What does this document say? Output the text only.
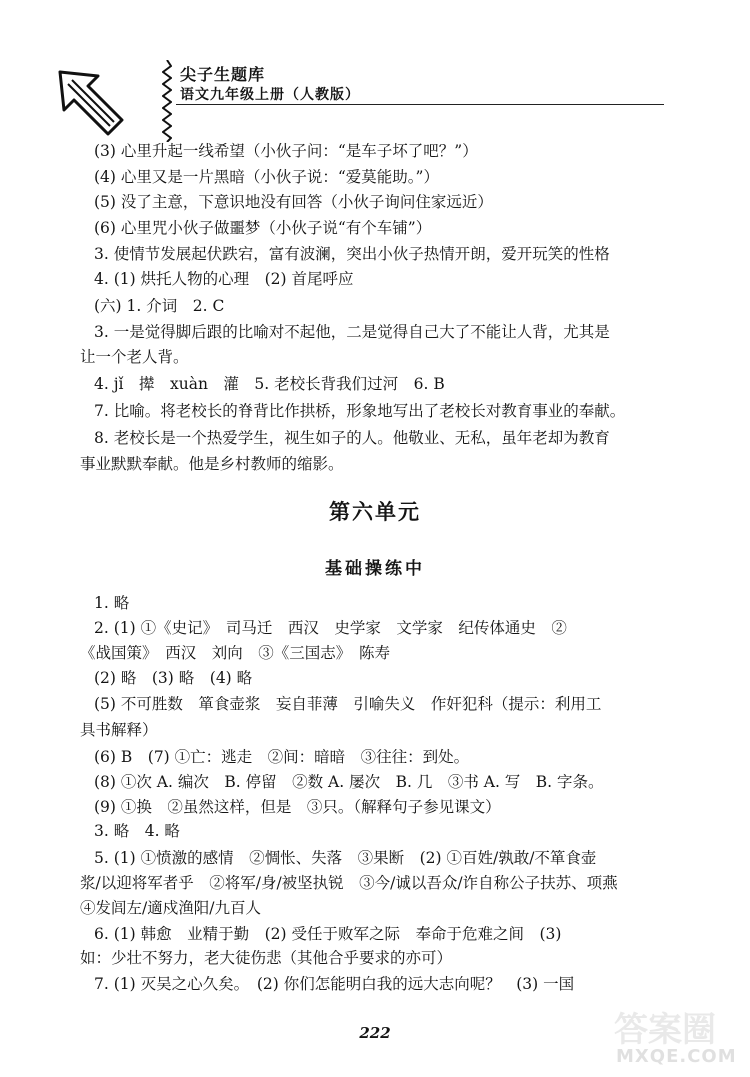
尖子生题库
语文九年级上册（人教版）
(3) 心里升起一线希望（小伙子问：“是车子坏了吧？”）
(4) 心里又是一片黑暗（小伙子说：“爱莫能助。”）
(5) 没了主意，下意识地没有回答（小伙子询问住家远近）
(6) 心里咒小伙子做噩梦（小伙子说“有个车铺”）
3. 使情节发展起伏跌宕，富有波澜，突出小伙子热情开朗，爱开玩笑的性格
4. (1) 烘托人物的心理　(2) 首尾呼应
(六) 1. 介词　2. C
3. 一是觉得脚后跟的比喻对不起他，二是觉得自己大了不能让人背，尤其是
让一个老人背。
4. jǐ　撵　xuàn　灌　5. 老校长背我们过河　6. B
7. 比喻。将老校长的脊背比作拱桥，形象地写出了老校长对教育事业的奉献。
8. 老校长是一个热爱学生，视生如子的人。他敬业、无私，虽年老却为教育
事业默默奉献。他是乡村教师的缩影。
第六单元
基础操练中
1. 略
2. (1) ①《史记》　司马迁　西汉　史学家　文学家　纪传体通史　②
《战国策》　西汉　刘向　③《三国志》　陈寿
(2) 略　(3) 略　(4) 略
(5) 不可胜数　箪食壶浆　妄自菲薄　引喻失义　作奸犯科（提示：利用工
具书解释）
(6) B　(7) ①亡：逃走　②间：暗暗　③往往：到处。
(8) ①次 A. 编次　B. 停留　②数 A. 屡次　B. 几　③书 A. 写　B. 字条。
(9) ①换　②虽然这样，但是　③只。（解释句子参见课文）
3. 略　4. 略
5. (1) ①愤激的感情　②惆怅、失落　③果断　(2) ①百姓/孰敢/不箪食壶
浆/以迎将军者乎　②将军/身/被坚执锐　③今/诚以吾众/诈自称公子扶苏、项燕
④发闾左/適戍渔阳/九百人
6. (1) 韩愈　业精于勤　(2) 受任于败军之际　奉命于危难之间　(3)
如：少壮不努力，老大徒伤悲（其他合乎要求的亦可）
7. (1) 灭吴之心久矣。　(2) 你们怎能明白我的远大志向呢？　(3) 一国
222	答案圈
MXQE.COM
